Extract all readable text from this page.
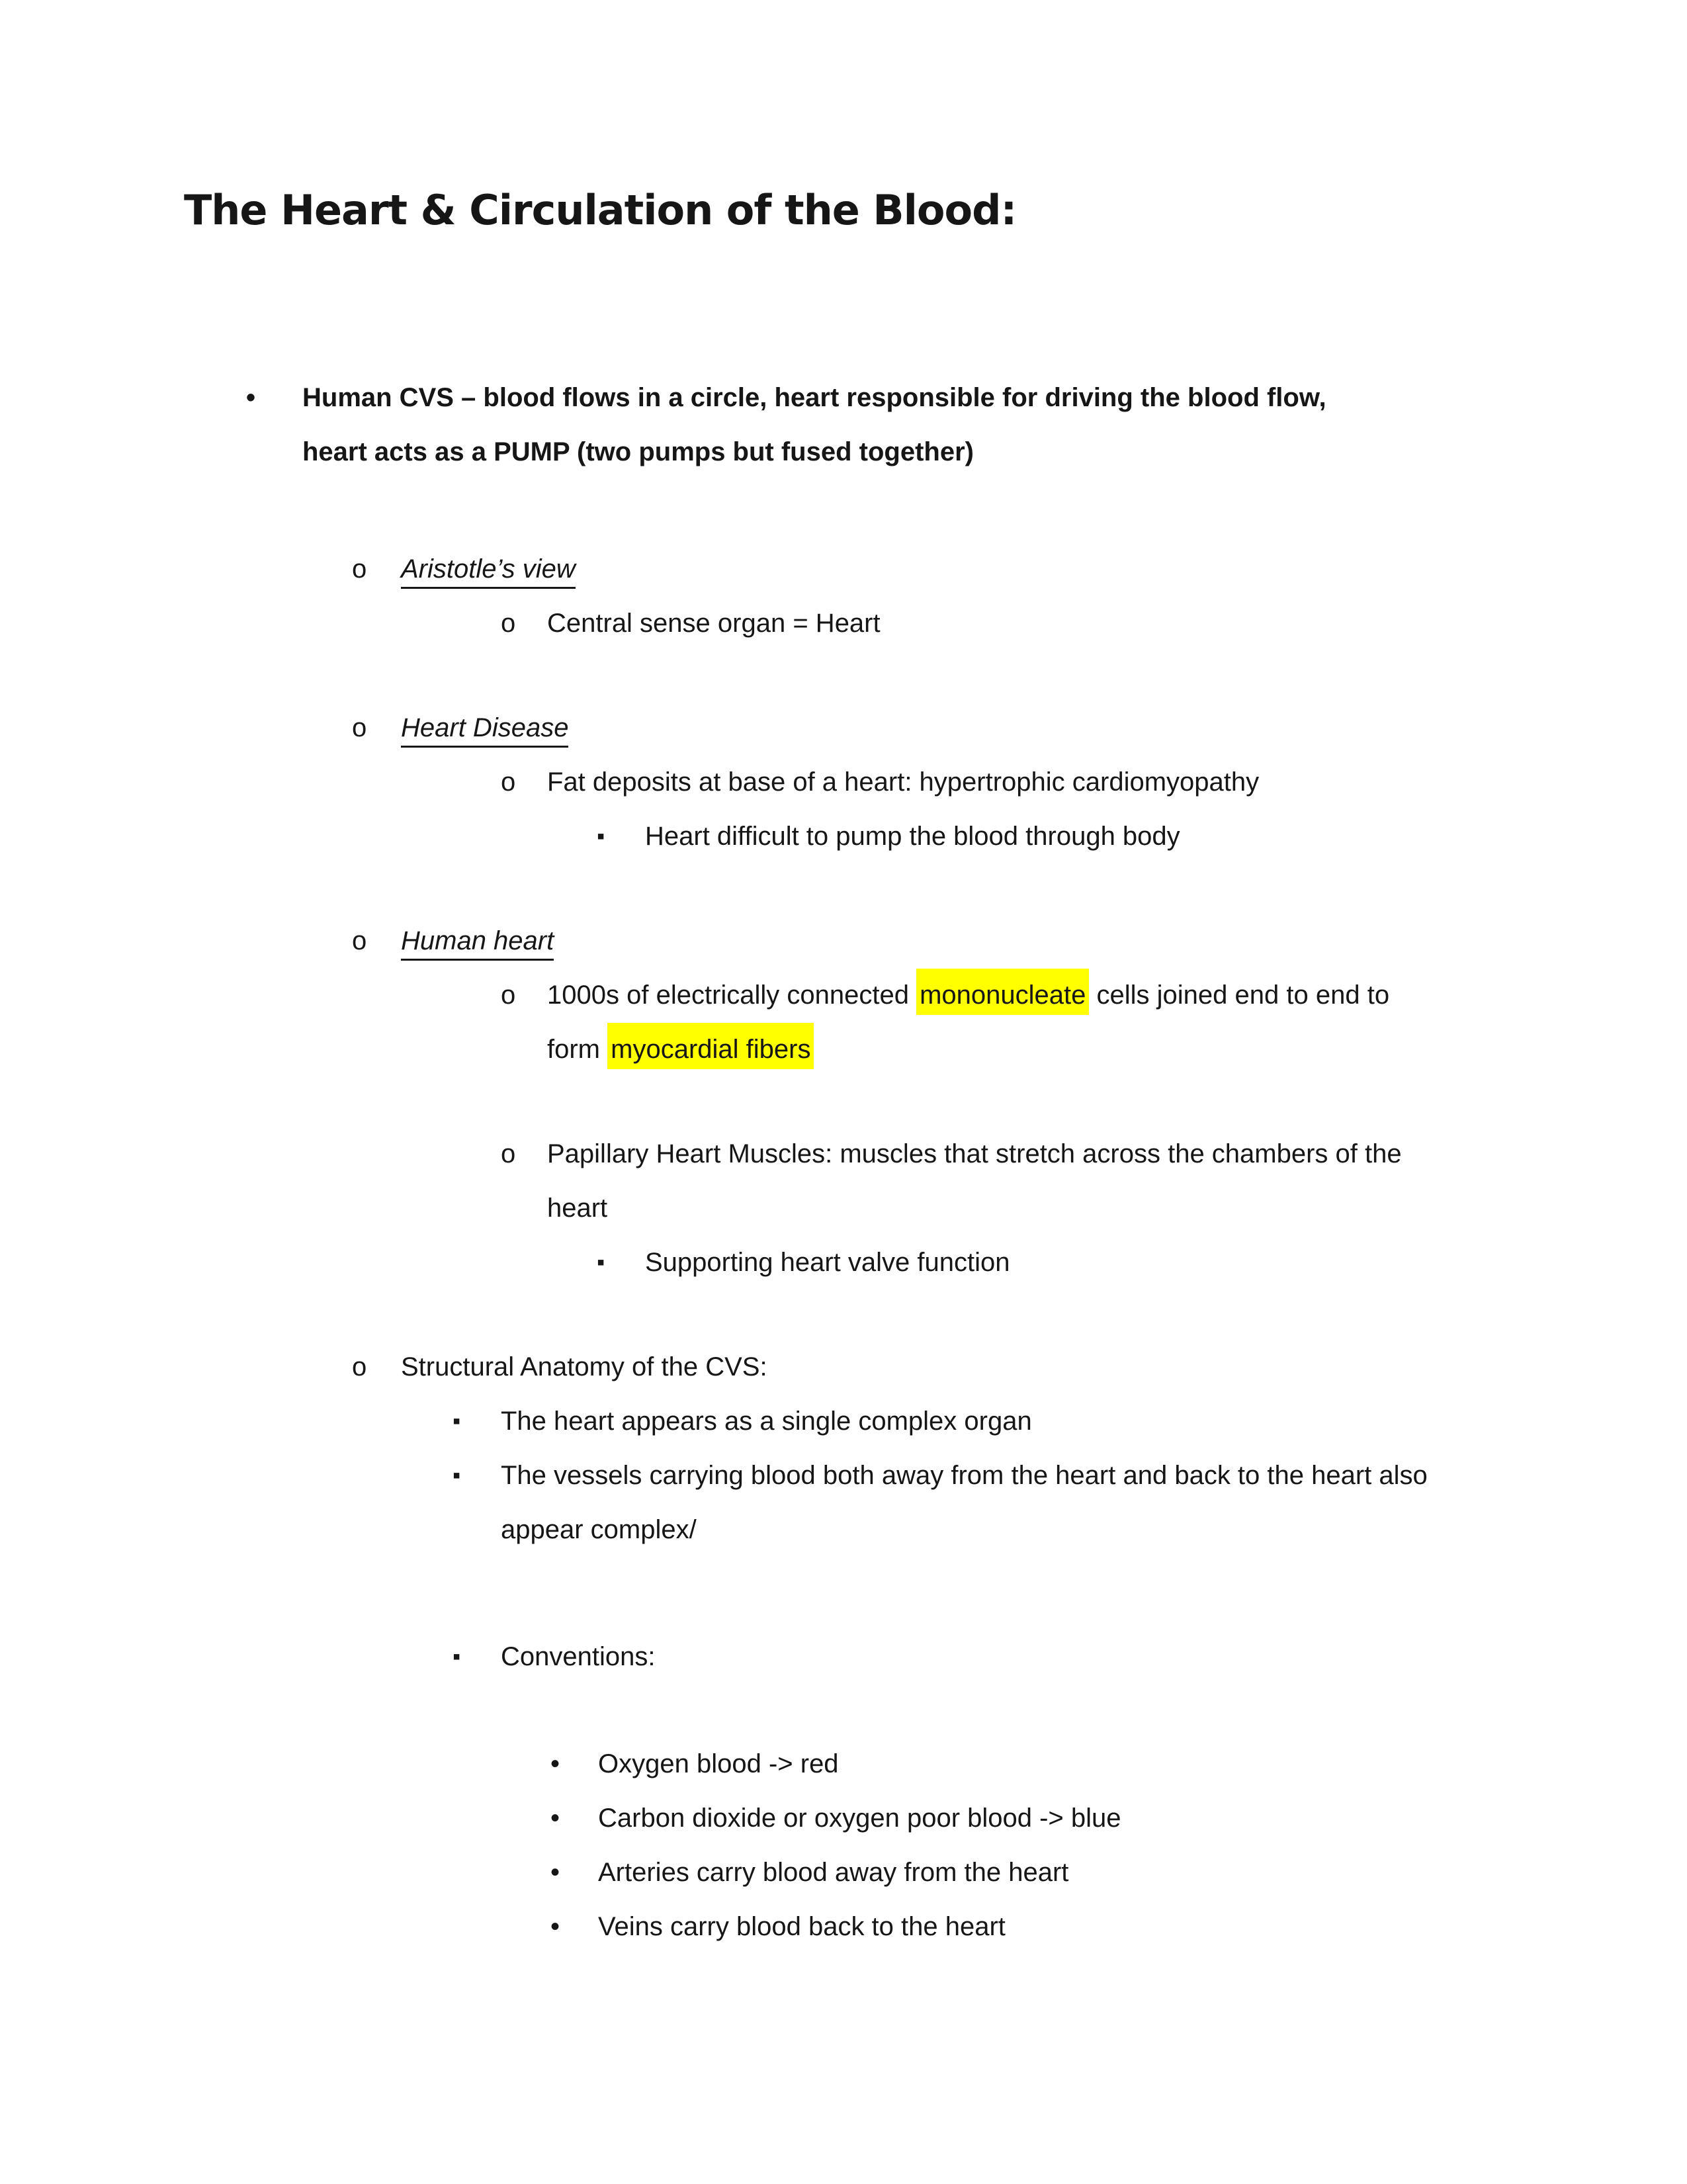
The Heart & Circulation of the Blood:

• Human CVS – blood flows in a circle, heart responsible for driving the blood flow, heart acts as a PUMP (two pumps but fused together)

o Aristotle’s view

o Central sense organ = Heart

o Heart Disease

o Fat deposits at base of a heart: hypertrophic cardiomyopathy

▪ Heart difficult to pump the blood through body

o Human heart

o 1000s of electrically connected mononucleate cells joined end to end to form myocardial fibers

o Papillary Heart Muscles: muscles that stretch across the chambers of the heart

▪ Supporting heart valve function

o Structural Anatomy of the CVS:

▪ The heart appears as a single complex organ

▪ The vessels carrying blood both away from the heart and back to the heart also appear complex/

▪ Conventions:

• Oxygen blood -> red

• Carbon dioxide or oxygen poor blood -> blue

• Arteries carry blood away from the heart

• Veins carry blood back to the heart
